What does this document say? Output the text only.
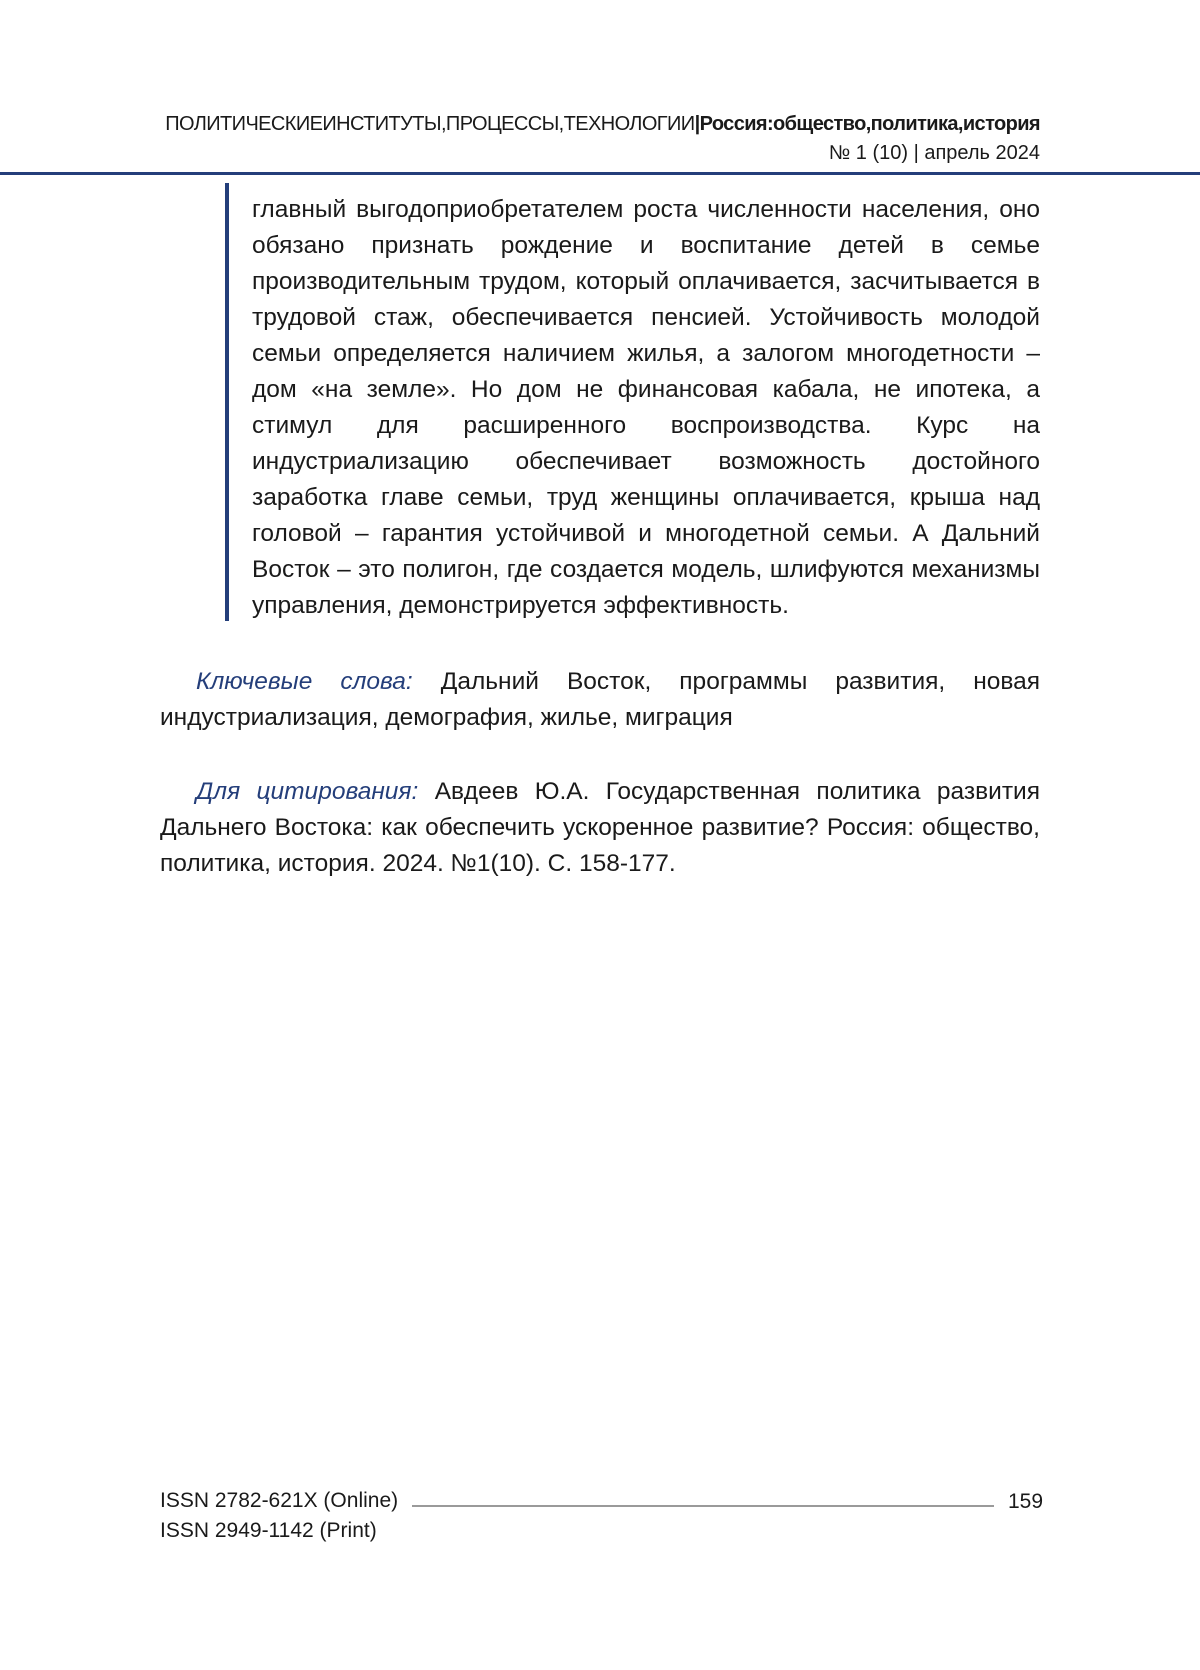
ПОЛИТИЧЕСКИЕИНСТИТУТЫ,ПРОЦЕССЫ,ТЕХНОЛОГИИ|Россия:общество,политика,история
№ 1 (10) | апрель 2024

главный выгодоприобретателем роста численности населения, оно обязано признать рождение и воспитание детей в семье производительным трудом, который оплачивается, засчитывается в трудовой стаж, обеспечивается пенсией. Устойчивость молодой семьи определяется наличием жилья, а залогом многодетности – дом «на земле». Но дом не финансовая кабала, не ипотека, а стимул для расширенного воспроизводства. Курс на индустриализацию обеспечивает возможность достойного заработка главе семьи, труд женщины оплачивается, крыша над головой – гарантия устойчивой и многодетной семьи. А Дальний Восток – это полигон, где создается модель, шлифуются механизмы управления, демонстрируется эффективность.

Ключевые слова: Дальний Восток, программы развития, новая индустриализация, демография, жилье, миграция

Для цитирования: Авдеев Ю.А. Государственная политика развития Дальнего Востока: как обеспечить ускоренное развитие? Россия: общество, политика, история. 2024. №1(10). С. 158-177.

ISSN 2782-621X (Online)
ISSN 2949-1142 (Print)
159
